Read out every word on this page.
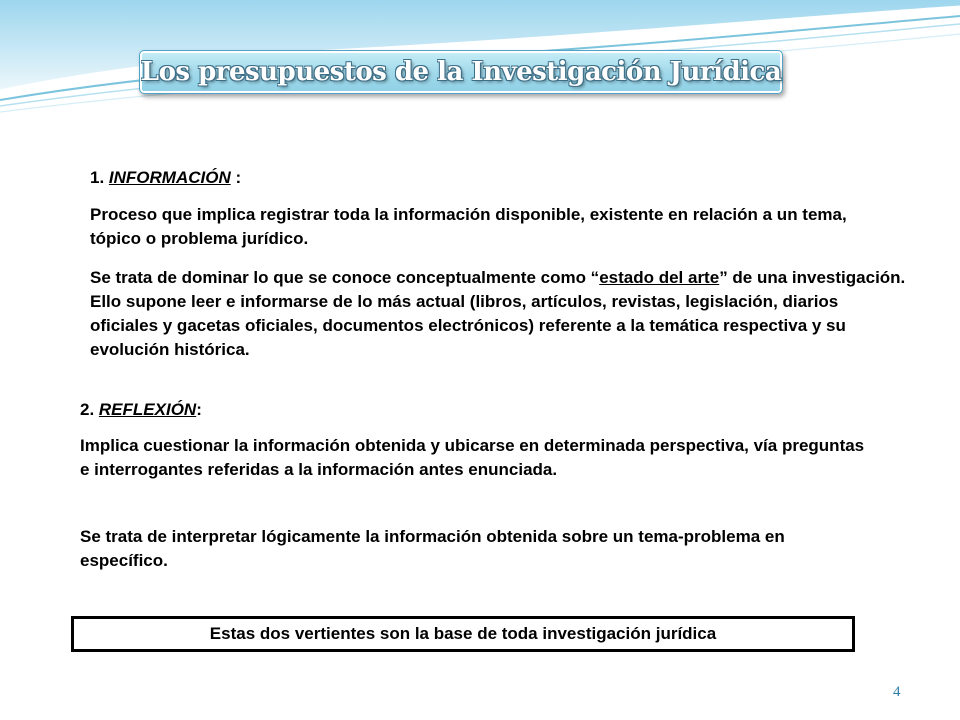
Los presupuestos de la Investigación Jurídica

1. INFORMACIÓN :

Proceso que implica registrar toda la información disponible, existente en relación a un tema, tópico o problema jurídico.

Se trata de dominar lo que se conoce conceptualmente como “estado del arte” de una investigación. Ello supone leer e informarse de lo más actual (libros, artículos, revistas, legislación, diarios oficiales y gacetas oficiales, documentos electrónicos) referente a la temática respectiva y su evolución histórica.

2. REFLEXIÓN:

Implica cuestionar la información obtenida y ubicarse en determinada perspectiva, vía preguntas e interrogantes referidas a la información antes enunciada.

Se trata de interpretar lógicamente la información obtenida sobre un tema-problema en específico.

Estas dos vertientes son la base de toda investigación jurídica
4
